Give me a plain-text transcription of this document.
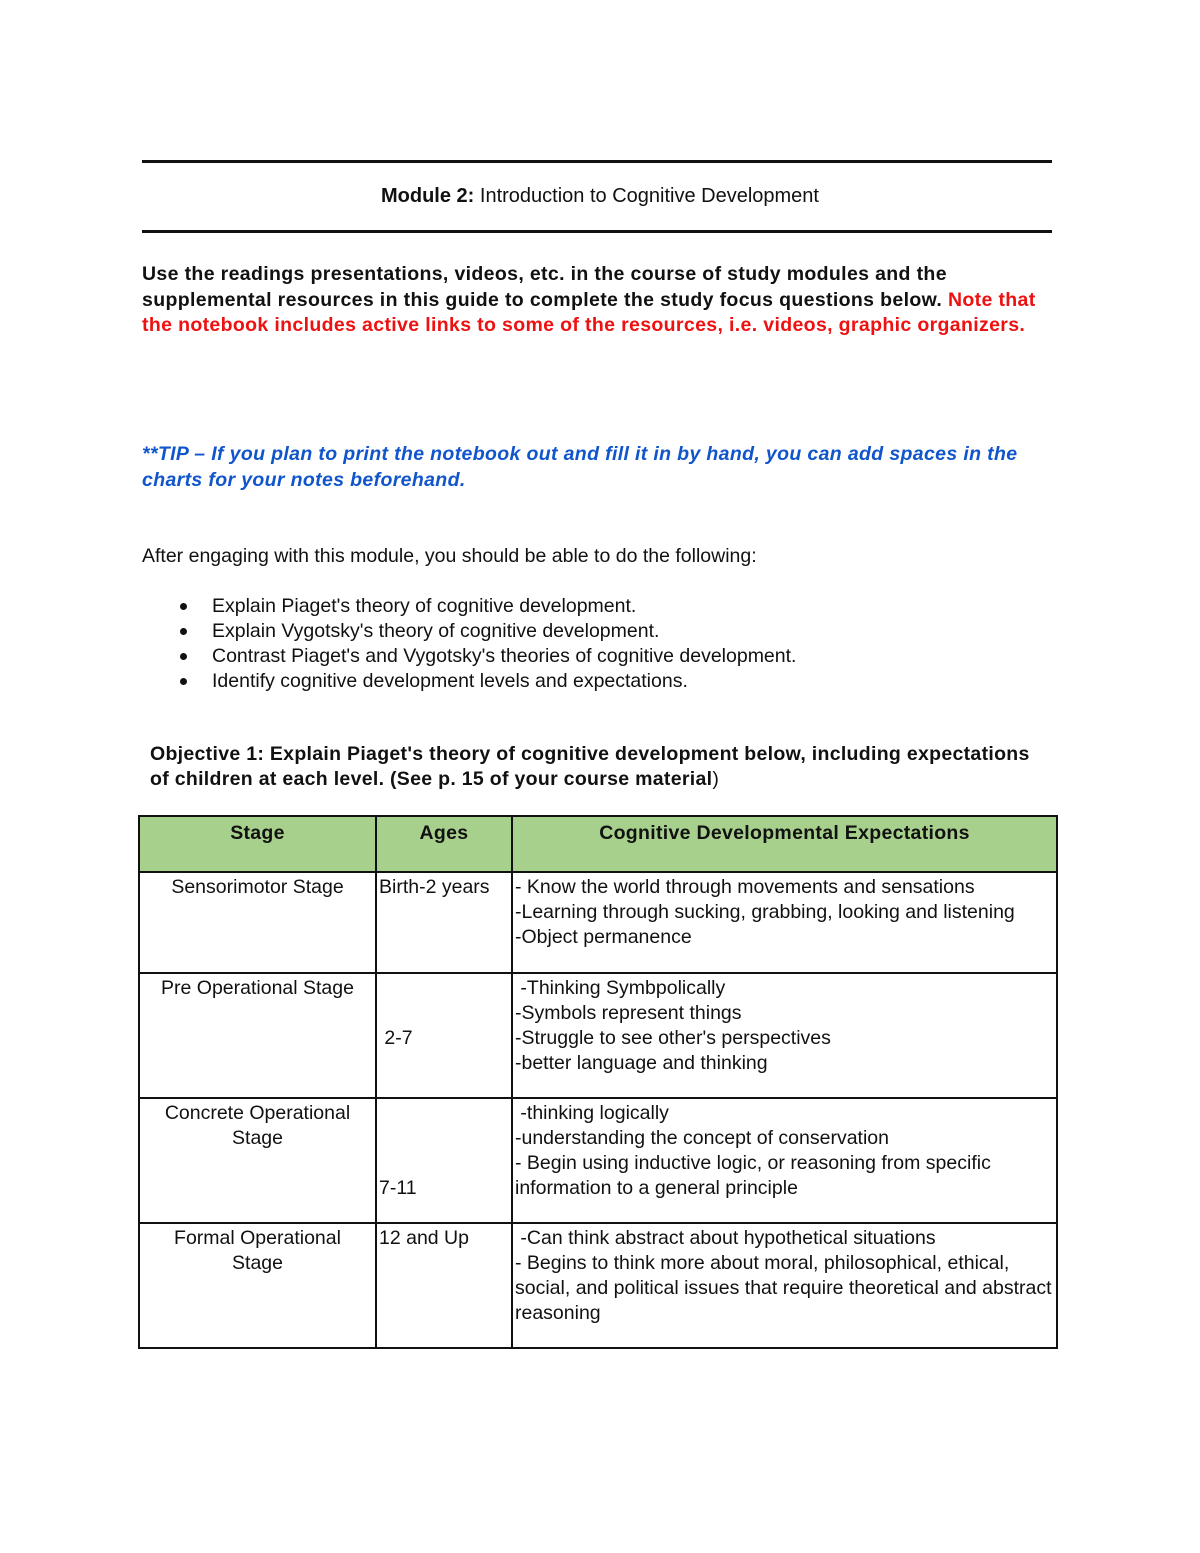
Module 2: Introduction to Cognitive Development
Use the readings presentations, videos, etc. in the course of study modules and the supplemental resources in this guide to complete the study focus questions below. Note that the notebook includes active links to some of the resources, i.e. videos, graphic organizers.
**TIP – If you plan to print the notebook out and fill it in by hand, you can add spaces in the charts for your notes beforehand.
After engaging with this module, you should be able to do the following:
Explain Piaget's theory of cognitive development.
Explain Vygotsky's theory of cognitive development.
Contrast Piaget's and Vygotsky's theories of cognitive development.
Identify cognitive development levels and expectations.
Objective 1: Explain Piaget's theory of cognitive development below, including expectations of children at each level. (See p. 15 of your course material)
Stage	Ages	Cognitive Developmental Expectations
Sensorimotor Stage	Birth-2 years	- Know the world through movements and sensations
-Learning through sucking, grabbing, looking and listening
-Object permanence

Pre Operational Stage	2-7	-Thinking Symbpolically
-Symbols represent things
-Struggle to see other's perspectives
-better language and thinking

Concrete Operational Stage	7-11	-thinking logically
-understanding the concept of conservation
- Begin using inductive logic, or reasoning from specific information to a general principle

Formal Operational Stage	12 and Up	-Can think abstract about hypothetical situations
- Begins to think more about moral, philosophical, ethical, social, and political issues that require theoretical and abstract reasoning
